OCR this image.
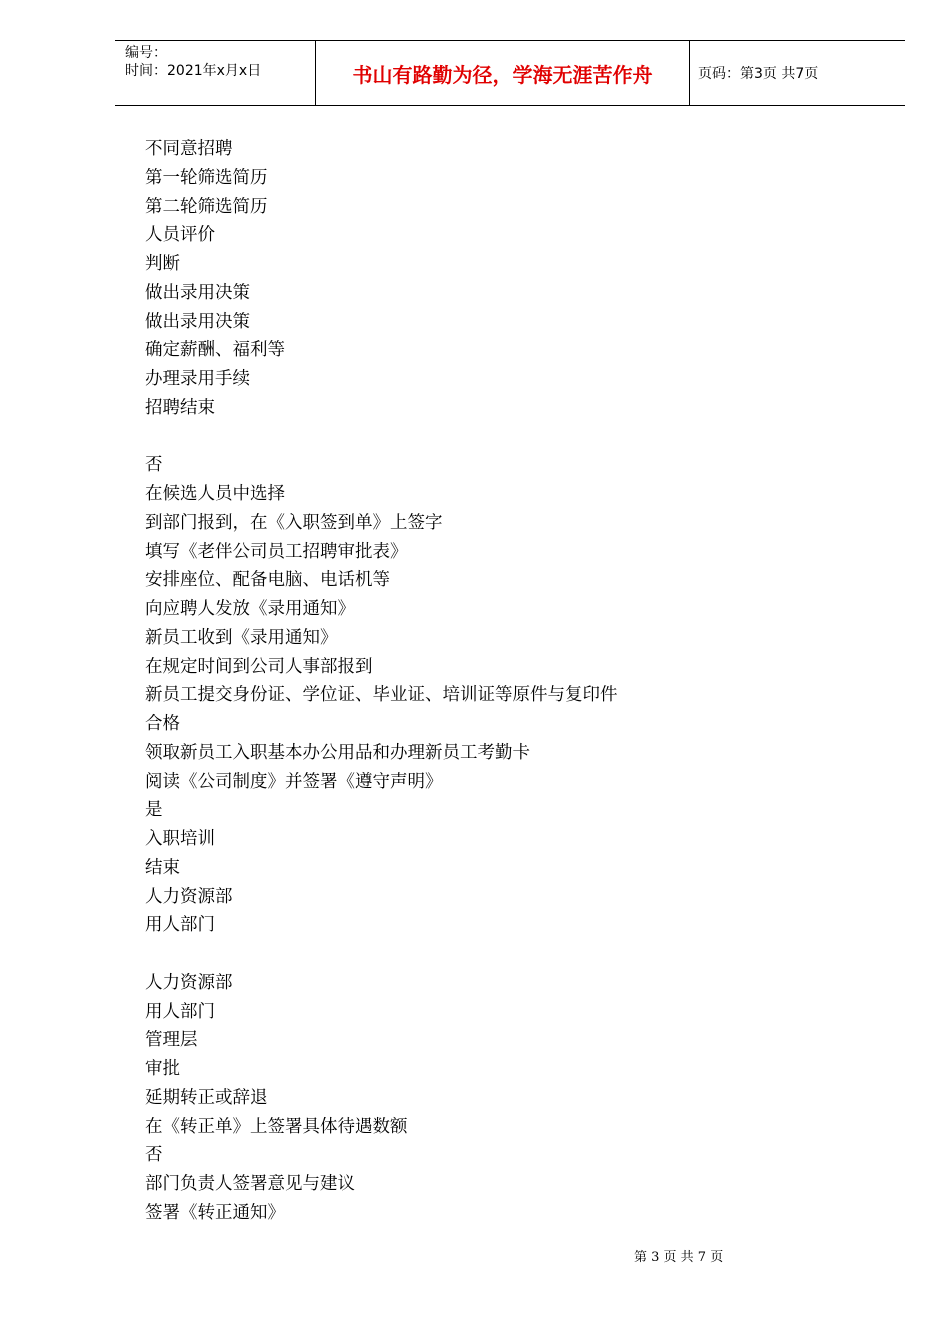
编号：
时间：2021年x月x日	书山有路勤为径，学海无涯苦作舟	页码：第3页 共7页
不同意招聘
第一轮筛选简历
第二轮筛选简历
人员评价
判断
做出录用决策
做出录用决策
确定薪酬、福利等
办理录用手续
招聘结束
否
在候选人员中选择
到部门报到，在《入职签到单》上签字
填写《老伴公司员工招聘审批表》
安排座位、配备电脑、电话机等
向应聘人发放《录用通知》
新员工收到《录用通知》
在规定时间到公司人事部报到
新员工提交身份证、学位证、毕业证、培训证等原件与复印件
合格
领取新员工入职基本办公用品和办理新员工考勤卡
阅读《公司制度》并签署《遵守声明》
是
入职培训
结束
人力资源部
用人部门
人力资源部
用人部门
管理层
审批
延期转正或辞退
在《转正单》上签署具体待遇数额
否
部门负责人签署意见与建议
签署《转正通知》
第 3 页 共 7 页
